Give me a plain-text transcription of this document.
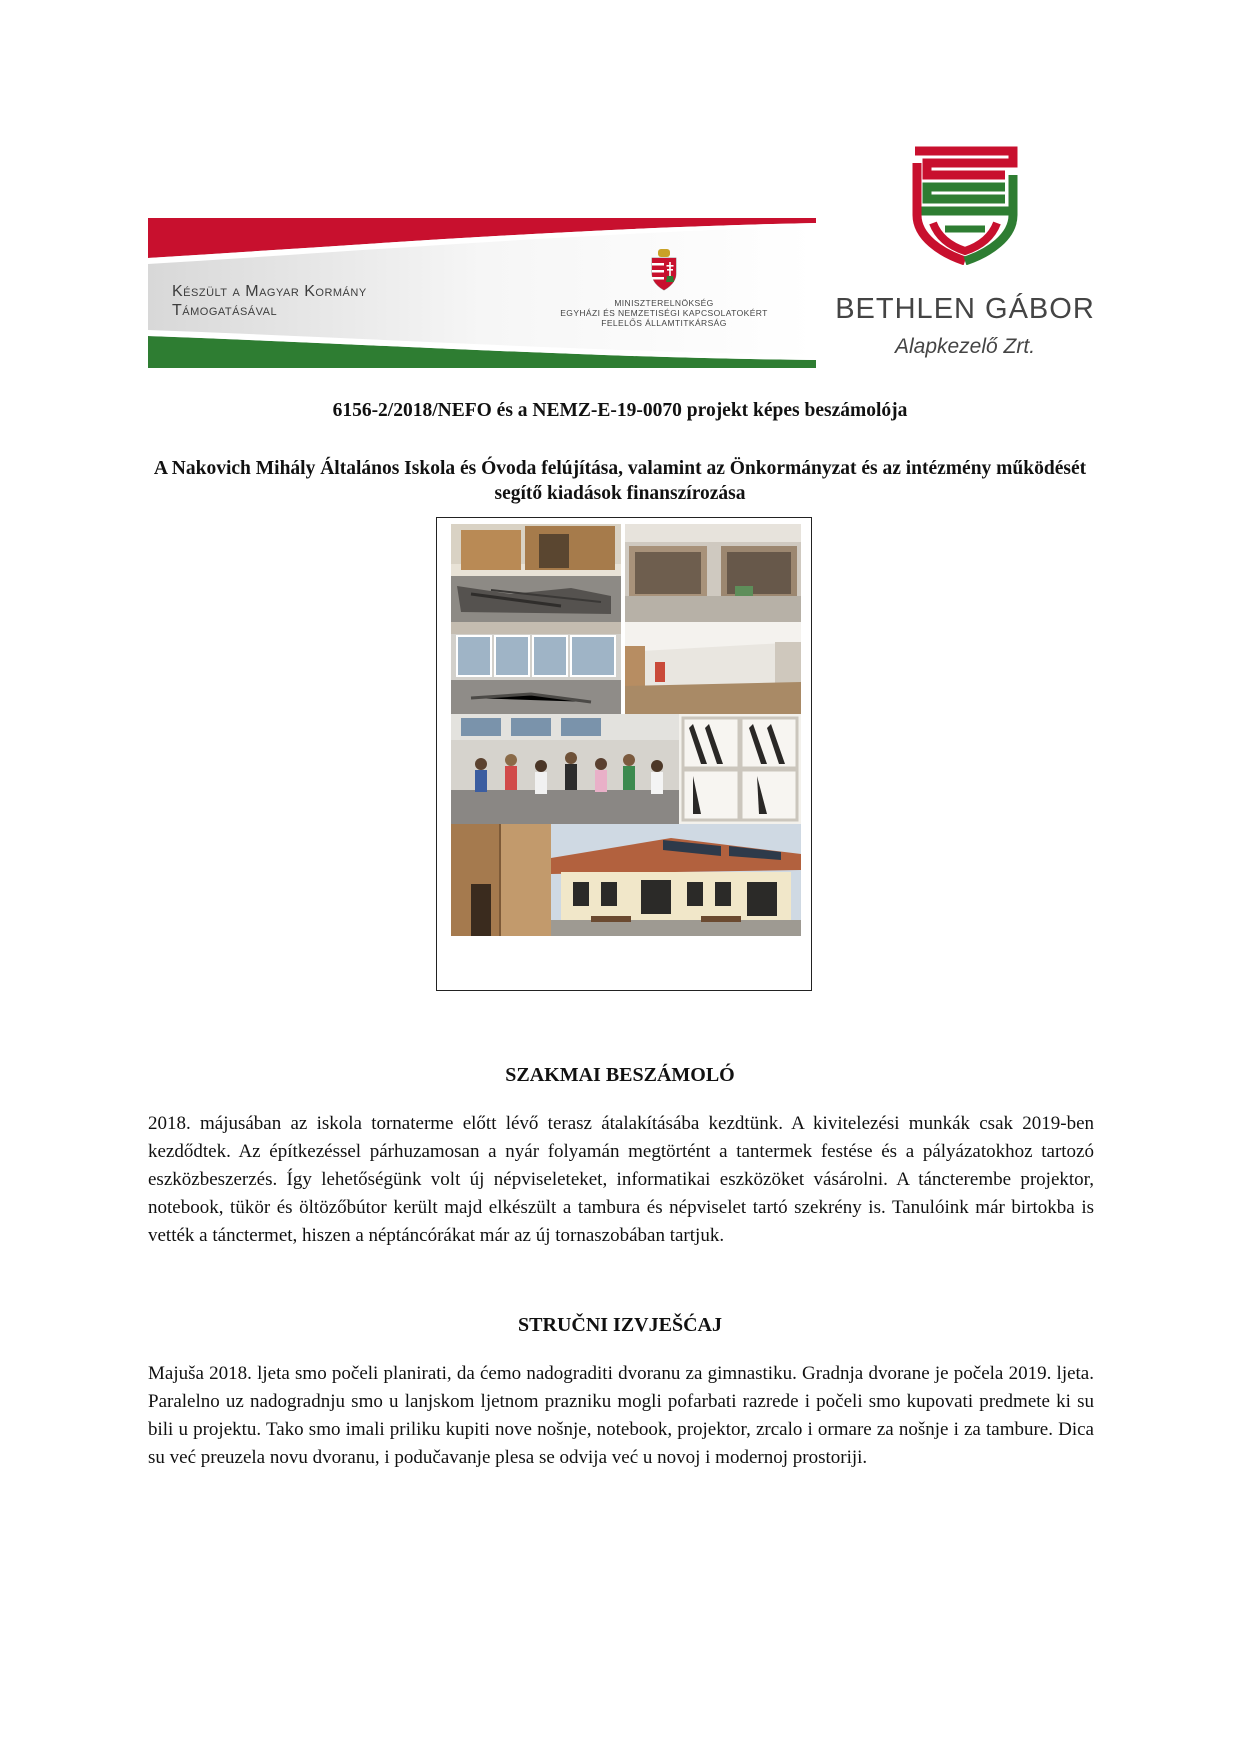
Készült a Magyar Kormány
Támogatásával	MINISZTERELNÖKSÉG
EGYHÁZI ÉS NEMZETISÉGI KAPCSOLATOKÉRT
FELELŐS ÁLLAMTITKÁRSÁG	BETHLEN GÁBOR
Alapkezelő Zrt.
6156-2/2018/NEFO és a NEMZ-E-19-0070 projekt képes beszámolója
A Nakovich Mihály Általános Iskola és Óvoda felújítása, valamint az Önkormányzat és az intézmény működését segítő kiadások finanszírozása
SZAKMAI BESZÁMOLÓ

2018. májusában az iskola tornaterme előtt lévő terasz átalakításába kezdtünk. A kivitelezési munkák csak 2019-ben kezdődtek. Az építkezéssel párhuzamosan a nyár folyamán megtörtént a tantermek festése és a pályázatokhoz tartozó eszközbeszerzés. Így lehetőségünk volt új népviseleteket, informatikai eszközöket vásárolni. A táncterembe projektor, notebook, tükör és öltözőbútor került majd elkészült a tambura és népviselet tartó szekrény is. Tanulóink már birtokba is vették a tánctermet, hiszen a néptáncórákat már az új tornaszobában tartjuk.

STRUČNI IZVJEŠĆAJ

Majuša 2018. ljeta smo počeli planirati, da ćemo nadograditi dvoranu za gimnastiku. Gradnja dvorane je počela 2019. ljeta. Paralelno uz nadogradnju smo u lanjskom ljetnom prazniku mogli pofarbati razrede i počeli smo kupovati predmete ki su bili u projektu. Tako smo imali priliku kupiti nove nošnje, notebook, projektor, zrcalo i ormare za nošnje i za tambure. Dica su već preuzela novu dvoranu, i podučavanje plesa se odvija već u novoj i modernoj prostoriji.
